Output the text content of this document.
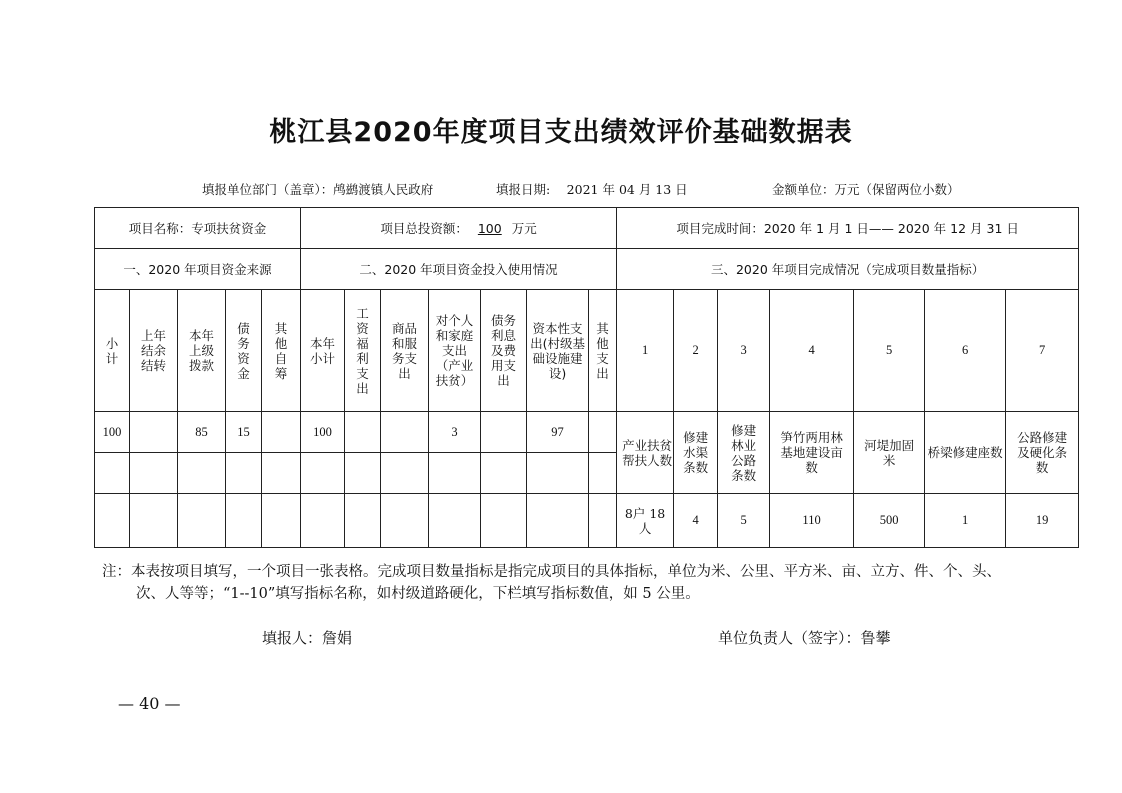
桃江县2020年度项目支出绩效评价基础数据表
填报单位部门（盖章）：鸬鹚渡镇人民政府	填报日期:　 2021 年 04 月 13 日	金额单位：万元（保留两位小数）
项目名称：专项扶贫资金					项目总投资额： 100 万元							项目完成时间：2020 年 1 月 1 日—— 2020 年 12 月 31 日						
一、2020 年项目资金来源					二、2020 年项目资金投入使用情况							三、2020 年项目完成情况（完成项目数量指标）						

小计	上年结余结转	本年上级拨款	债务资金	其他自筹	本年小计	工资福利支出	商品和服务支出	对个人和家庭支出（产业扶贫）	债务利息及费用支出	资本性支出(村级基础设施建设)	其他支出	1	2	3	4	5	6	7
100		85	15		100			3		97		产业扶贫帮扶人数	修建水渠条数	修建林业公路条数	笋竹两用林基地建设亩数	河堤加固米	桥梁修建座数	公路修建及硬化条数

												8户 18人	4	5	110	500	1	19
注：本表按项目填写，一个项目一张表格。完成项目数量指标是指完成项目的具体指标，单位为米、公里、平方米、亩、立方、件、个、头、
次、人等等；“1--10”填写指标名称，如村级道路硬化，下栏填写指标数值，如 5 公里。
填报人：詹娟	单位负责人（签字）：鲁攀
— 40 —
